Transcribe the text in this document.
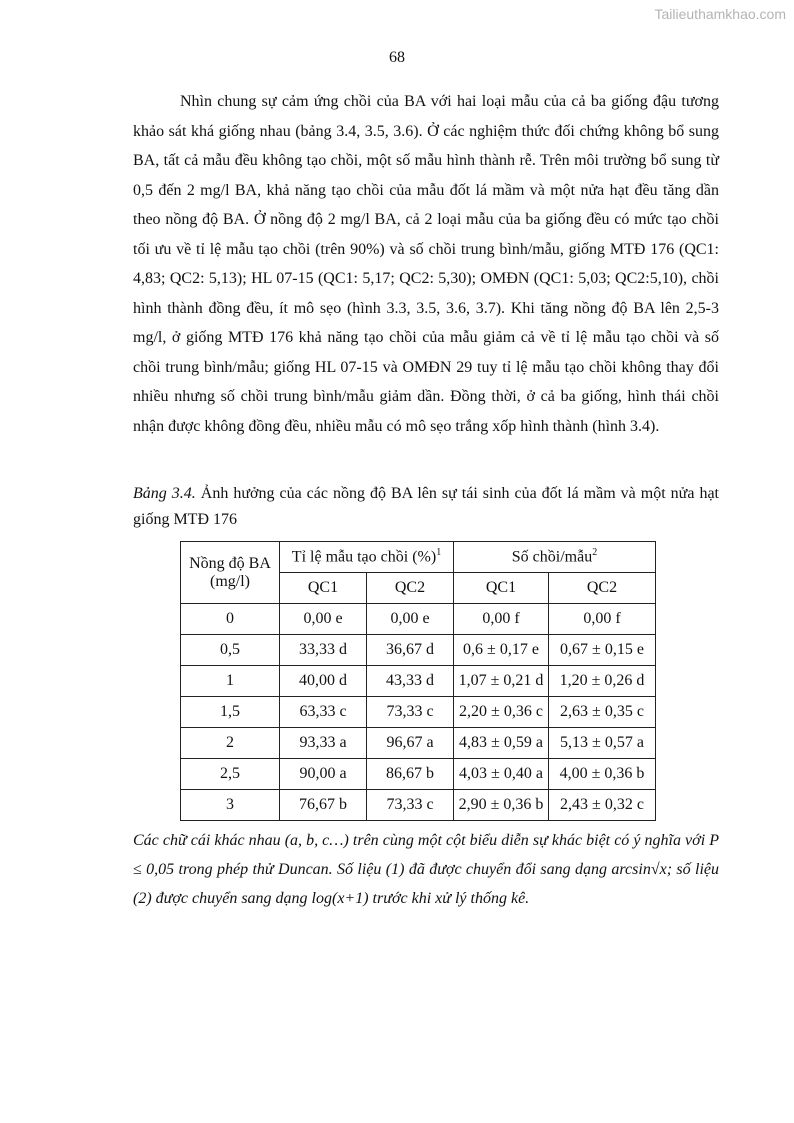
Tailieuthamkhao.com
68

Nhìn chung sự cảm ứng chồi của BA với hai loại mẫu của cả ba giống đậu tương khảo sát khá giống nhau (bảng 3.4, 3.5, 3.6). Ở các nghiệm thức đối chứng không bổ sung BA, tất cả mẫu đều không tạo chồi, một số mẫu hình thành rễ. Trên môi trường bổ sung từ 0,5 đến 2 mg/l BA, khả năng tạo chồi của mẫu đốt lá mầm và một nửa hạt đều tăng dần theo nồng độ BA. Ở nồng độ 2 mg/l BA, cả 2 loại mẫu của ba giống đều có mức tạo chồi tối ưu về tỉ lệ mẫu tạo chồi (trên 90%) và số chồi trung bình/mẫu, giống MTĐ 176 (QC1: 4,83; QC2: 5,13); HL 07-15 (QC1: 5,17; QC2: 5,30); OMĐN (QC1: 5,03; QC2:5,10), chồi hình thành đồng đều, ít mô sẹo (hình 3.3, 3.5, 3.6, 3.7). Khi tăng nồng độ BA lên 2,5-3 mg/l, ở giống MTĐ 176 khả năng tạo chồi của mẫu giảm cả về tỉ lệ mẫu tạo chồi và số chồi trung bình/mẫu; giống HL 07-15 và OMĐN 29 tuy tỉ lệ mẫu tạo chồi không thay đổi nhiều nhưng số chồi trung bình/mẫu giảm dần. Đồng thời, ở cả ba giống, hình thái chồi nhận được không đồng đều, nhiều mẫu có mô sẹo trắng xốp hình thành (hình 3.4).

Bảng 3.4. Ảnh hưởng của các nồng độ BA lên sự tái sinh của đốt lá mầm và một nửa hạt giống MTĐ 176

Nồng độ BA (mg/l)	Tỉ lệ mẫu tạo chồi (%)$^1$		Số chồi/mẫu$^2$
	QC1	QC2	QC1	QC2
0	0,00 e	0,00 e	0,00 f	0,00 f
0,5	33,33 d	36,67 d	0,6 ± 0,17 e	0,67 ± 0,15 e
1	40,00 d	43,33 d	1,07 ± 0,21 d	1,20 ± 0,26 d
1,5	63,33 c	73,33 c	2,20 ± 0,36 c	2,63 ± 0,35 c
2	93,33 a	96,67 a	4,83 ± 0,59 a	5,13 ± 0,57 a
2,5	90,00 a	86,67 b	4,03 ± 0,40 a	4,00 ± 0,36 b
3	76,67 b	73,33 c	2,90 ± 0,36 b	2,43 ± 0,32 c

Các chữ cái khác nhau (a, b, c…) trên cùng một cột biểu diễn sự khác biệt có ý nghĩa với P ≤ 0,05 trong phép thử Duncan. Số liệu (1) đã được chuyển đổi sang dạng arcsin√x; số liệu (2) được chuyển sang dạng log(x+1) trước khi xử lý thống kê.
